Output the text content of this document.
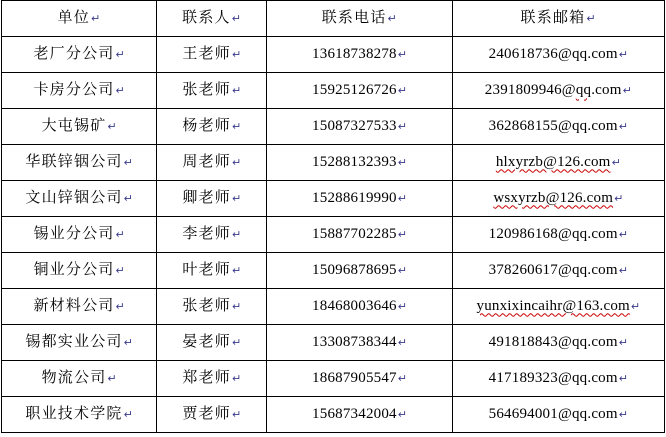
单位↵	联系人↵	联系电话↵	联系邮箱↵
老厂分公司↵	王老师↵	13618738278↵	240618736@qq.com↵
卡房分公司↵	张老师↵	15925126726↵	2391809946@qq.com↵
大屯锡矿↵	杨老师↵	15087327533↵	362868155@qq.com↵
华联锌铟公司↵	周老师↵	15288132393↵	hlxyrzb@126.com↵
文山锌铟公司↵	卿老师↵	15288619990↵	wsxyrzb@126.com↵
锡业分公司↵	李老师↵	15887702285↵	120986168@qq.com↵
铜业分公司↵	叶老师↵	15096878695↵	378260617@qq.com↵
新材料公司↵	张老师↵	18468003646↵	yunxixincaihr@163.com↵
锡都实业公司↵	晏老师↵	13308738344↵	491818843@qq.com↵
物流公司↵	郑老师↵	18687905547↵	417189323@qq.com↵
职业技术学院↵	贾老师↵	15687342004↵	564694001@qq.com↵
